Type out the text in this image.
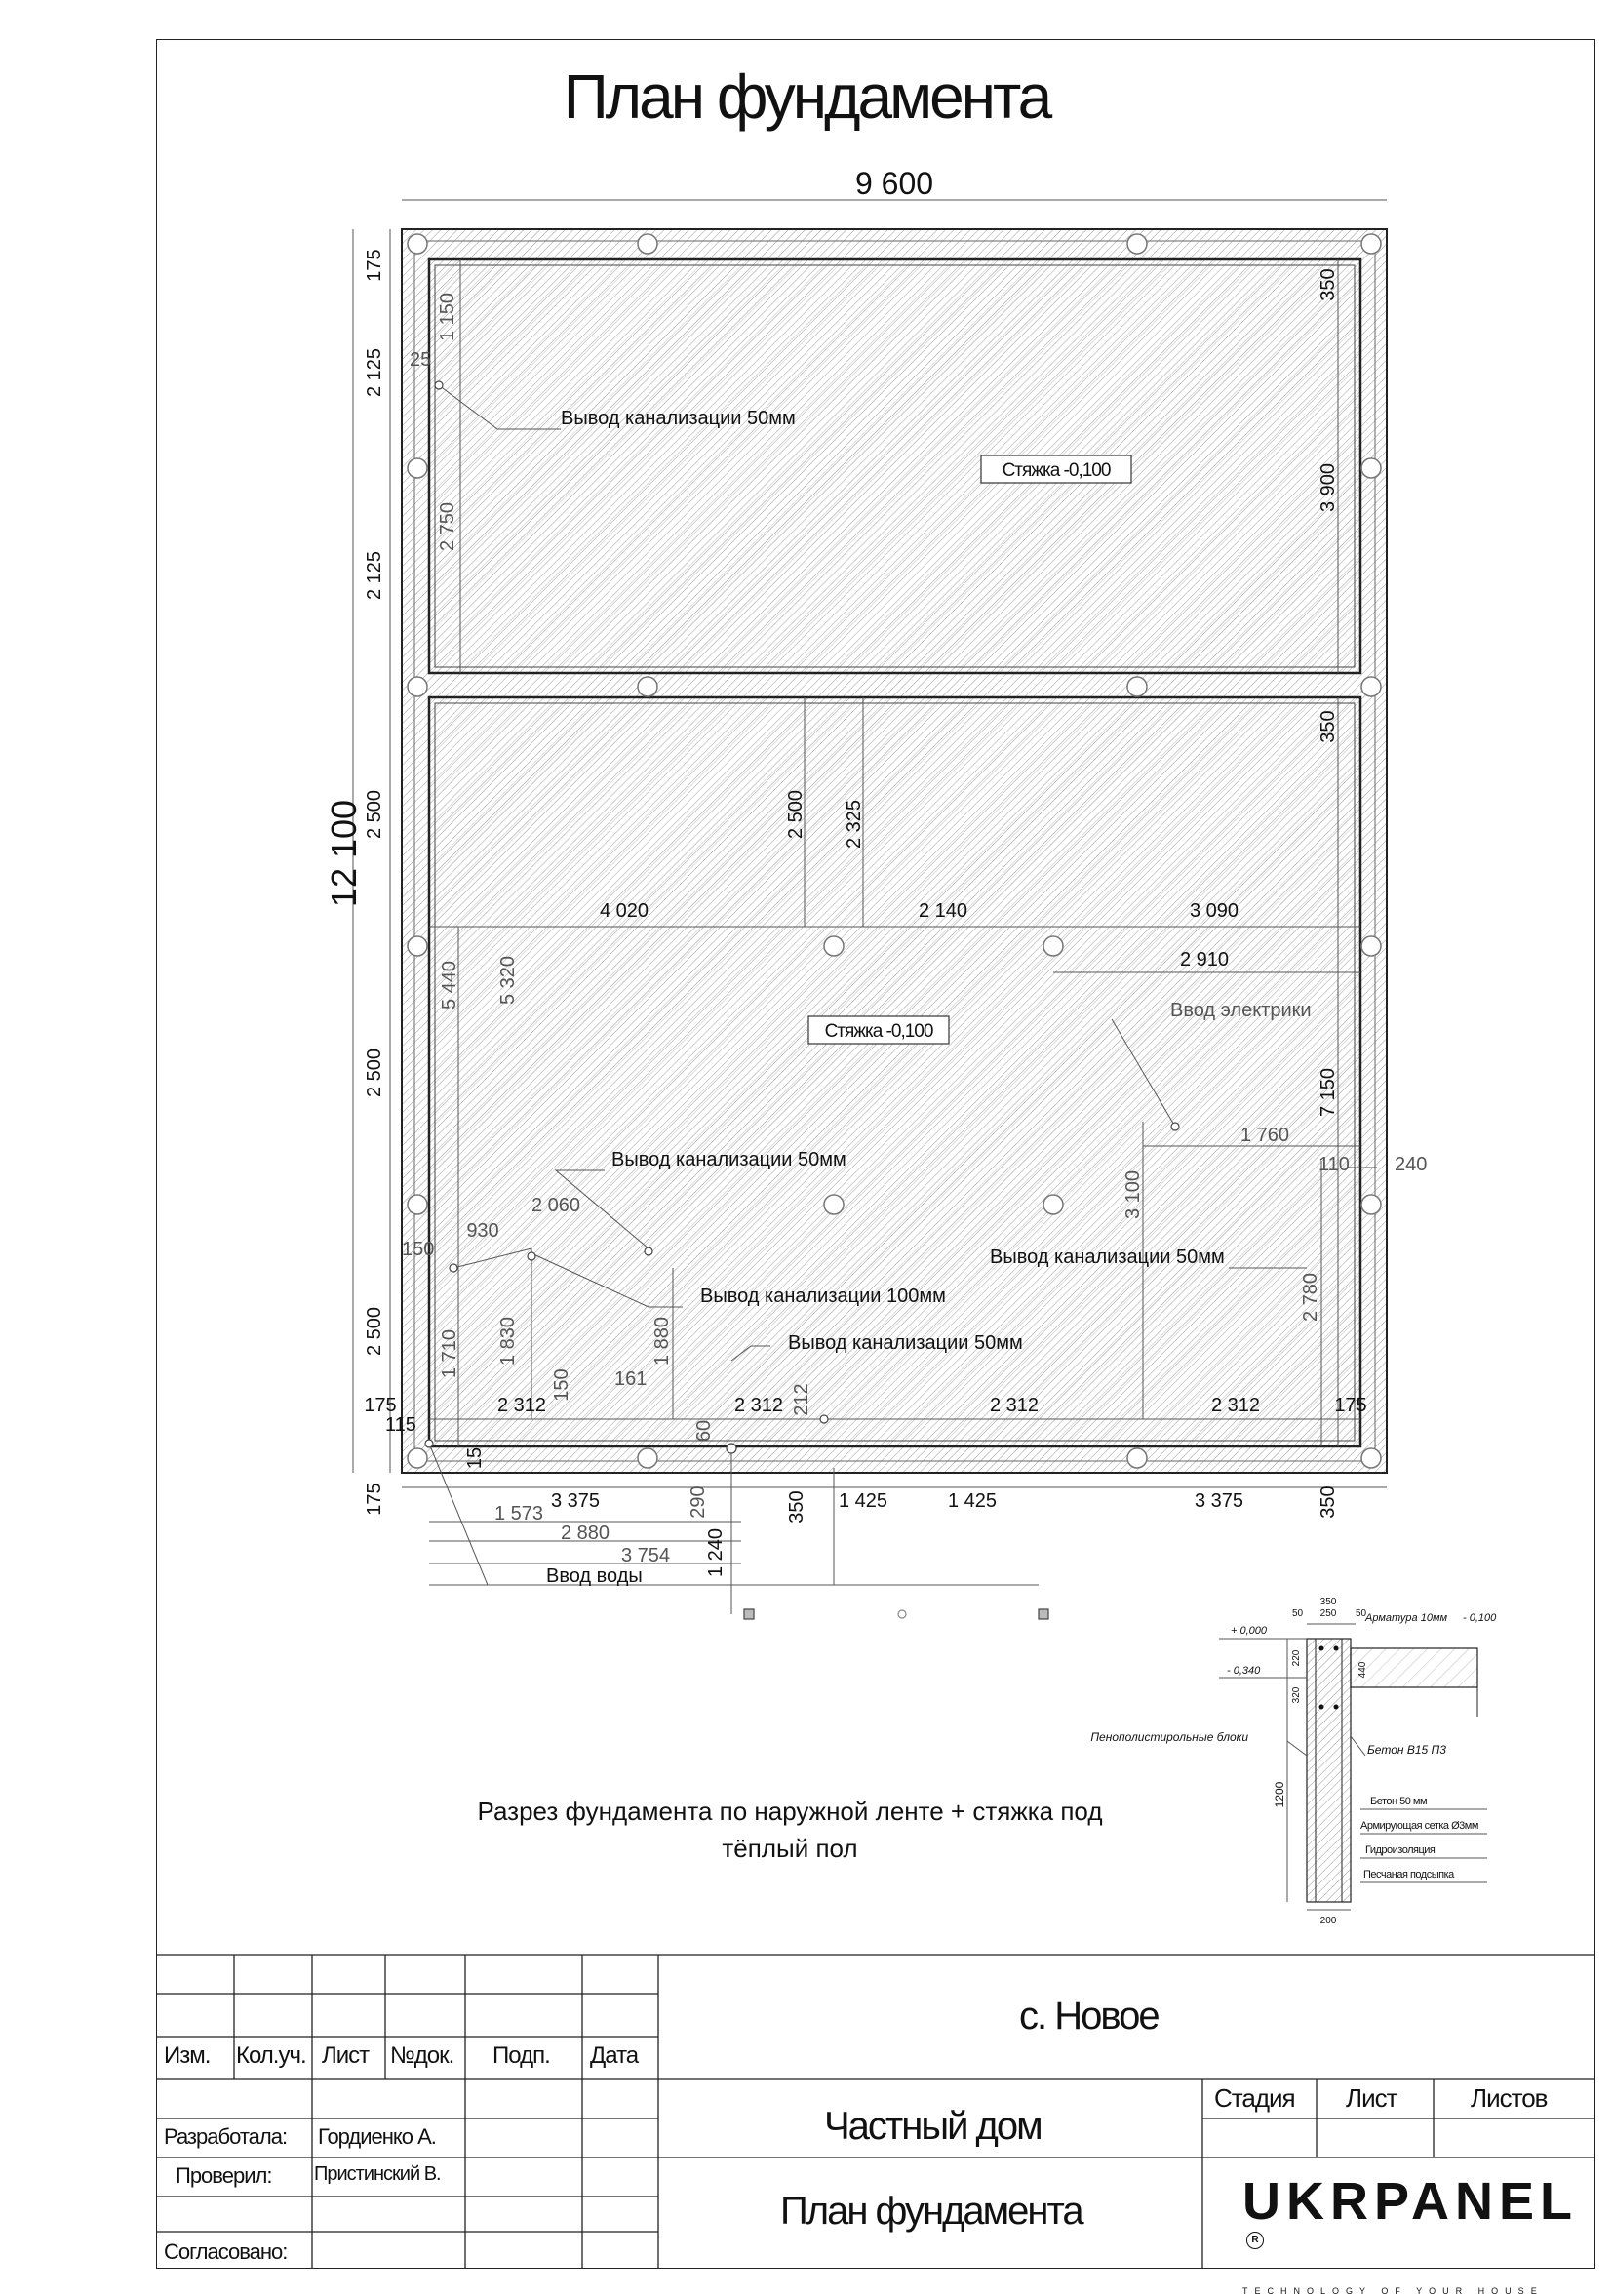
План фундамента
9 600
12 100
175
2 125
2 125
2 500
2 500
2 500
175
350
3 900
350
7 150
350
Стяжка -0,100
1 150
25
2 750
Вывод канализации 50мм
Стяжка -0,100
2 500 2 325
4 020	2 140	3 090
2 910
5 440 5 320
Ввод электрики
Вывод канализации 50мм
Вывод канализации 50мм
Вывод канализации 100мм
Вывод канализации 50мм
1 760
110 240
3 100
2 780
2 060
930
150
1 830
1 710
150 161
1 880
212
60
115
15
175	2 312	2 312	2 312	2 312	175
3 375	350 1 425	1 425	3 375
290
1 240
1 573
2 880
3 754
Ввод воды
+ 0,000
- 0,340
- 0,100
350
50 250 50
220
320
440
1200
200
Арматура 10мм
Пенополистирольные блоки
Бетон В15 П3
Бетон 50 мм
Армирующая сетка Ø3мм
Гидроизоляция
Песчаная подсыпка
Разрез фундамента по наружной ленте + стяжка под тёплый пол
Изм. Кол.уч. Лист №док. Подп. Дата
Разработала: Гордиенко А.
Проверил: Пристинский В.
Согласовано:
с. Новое
Частный дом
План фундамента
Стадия Лист	Листов
UKRPANELR
TECHNOLOGY OF YOUR HOUSE
